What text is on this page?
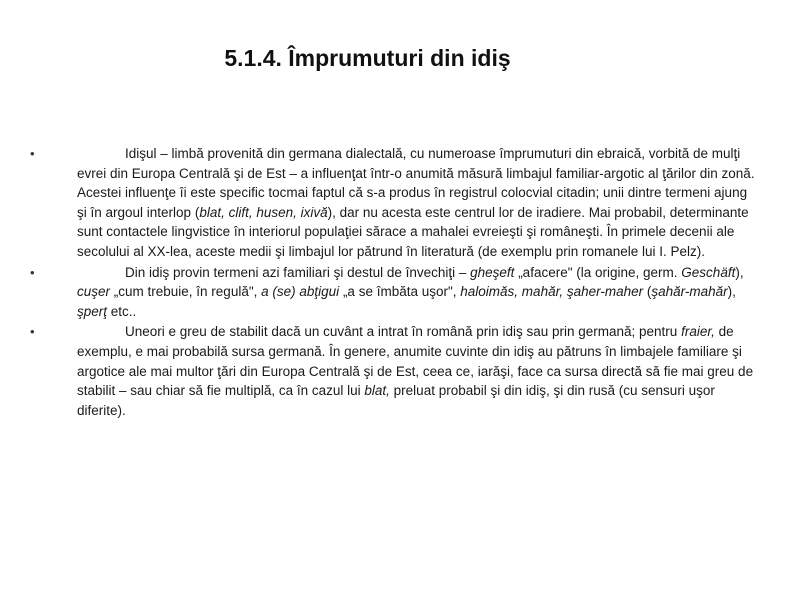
5.1.4. Împrumuturi din idiş
•	Idişul – limbă provenită din germana dialectală, cu numeroase împrumuturi din ebraică, vorbită de mulţi evrei din Europa Centrală şi de Est – a influenţat într-o anumită măsură limbajul familiar-argotic al ţărilor din zonă. Acestei influenţe îi este specific tocmai faptul că s-a produs în registrul colocvial citadin; unii dintre termeni ajung şi în argoul interlop (blat, clift, husen, ixivă), dar nu acesta este centrul lor de iradiere. Mai probabil, determinante sunt contactele lingvistice în interiorul populaţiei sărace a mahalei evreieşti şi româneşti. În primele decenii ale secolului al XX-lea, aceste medii şi limbajul lor pătrund în literatură (de exemplu prin romanele lui I. Pelz).
•	Din idiş provin termeni azi familiari şi destul de învechiţi – gheşeft „afacere" (la origine, germ. Geschäft), cuşer „cum trebuie, în regulă", a (se) abţigui „a se îmbăta uşor", haloimăs, mahăr, şaher-maher (şahăr-mahăr), şperţ etc..
•	Uneori e greu de stabilit dacă un cuvânt a intrat în română prin idiş sau prin germană; pentru fraier, de exemplu, e mai probabilă sursa germană. În genere, anumite cuvinte din idiş au pătruns în limbajele familiare şi argotice ale mai multor ţări din Europa Centrală şi de Est, ceea ce, iarăşi, face ca sursa directă să fie mai greu de stabilit – sau chiar să fie multiplă, ca în cazul lui blat, preluat probabil şi din idiş, şi din rusă (cu sensuri uşor diferite).
